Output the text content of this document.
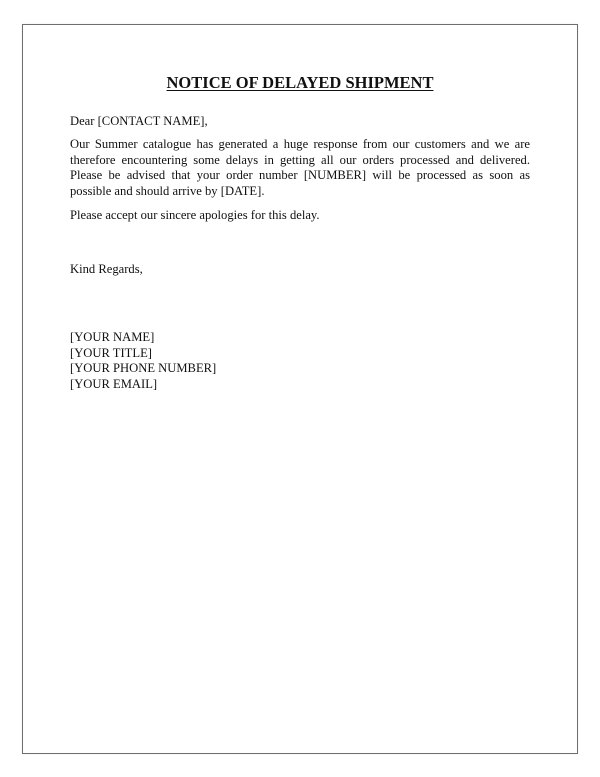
NOTICE OF DELAYED SHIPMENT
Dear [CONTACT NAME],
Our Summer catalogue has generated a huge response from our customers and we are therefore encountering some delays in getting all our orders processed and delivered. Please be advised that your order number [NUMBER] will be processed as soon as possible and should arrive by [DATE].
Please accept our sincere apologies for this delay.
Kind Regards,
[YOUR NAME]
[YOUR TITLE]
[YOUR PHONE NUMBER]
[YOUR EMAIL]
